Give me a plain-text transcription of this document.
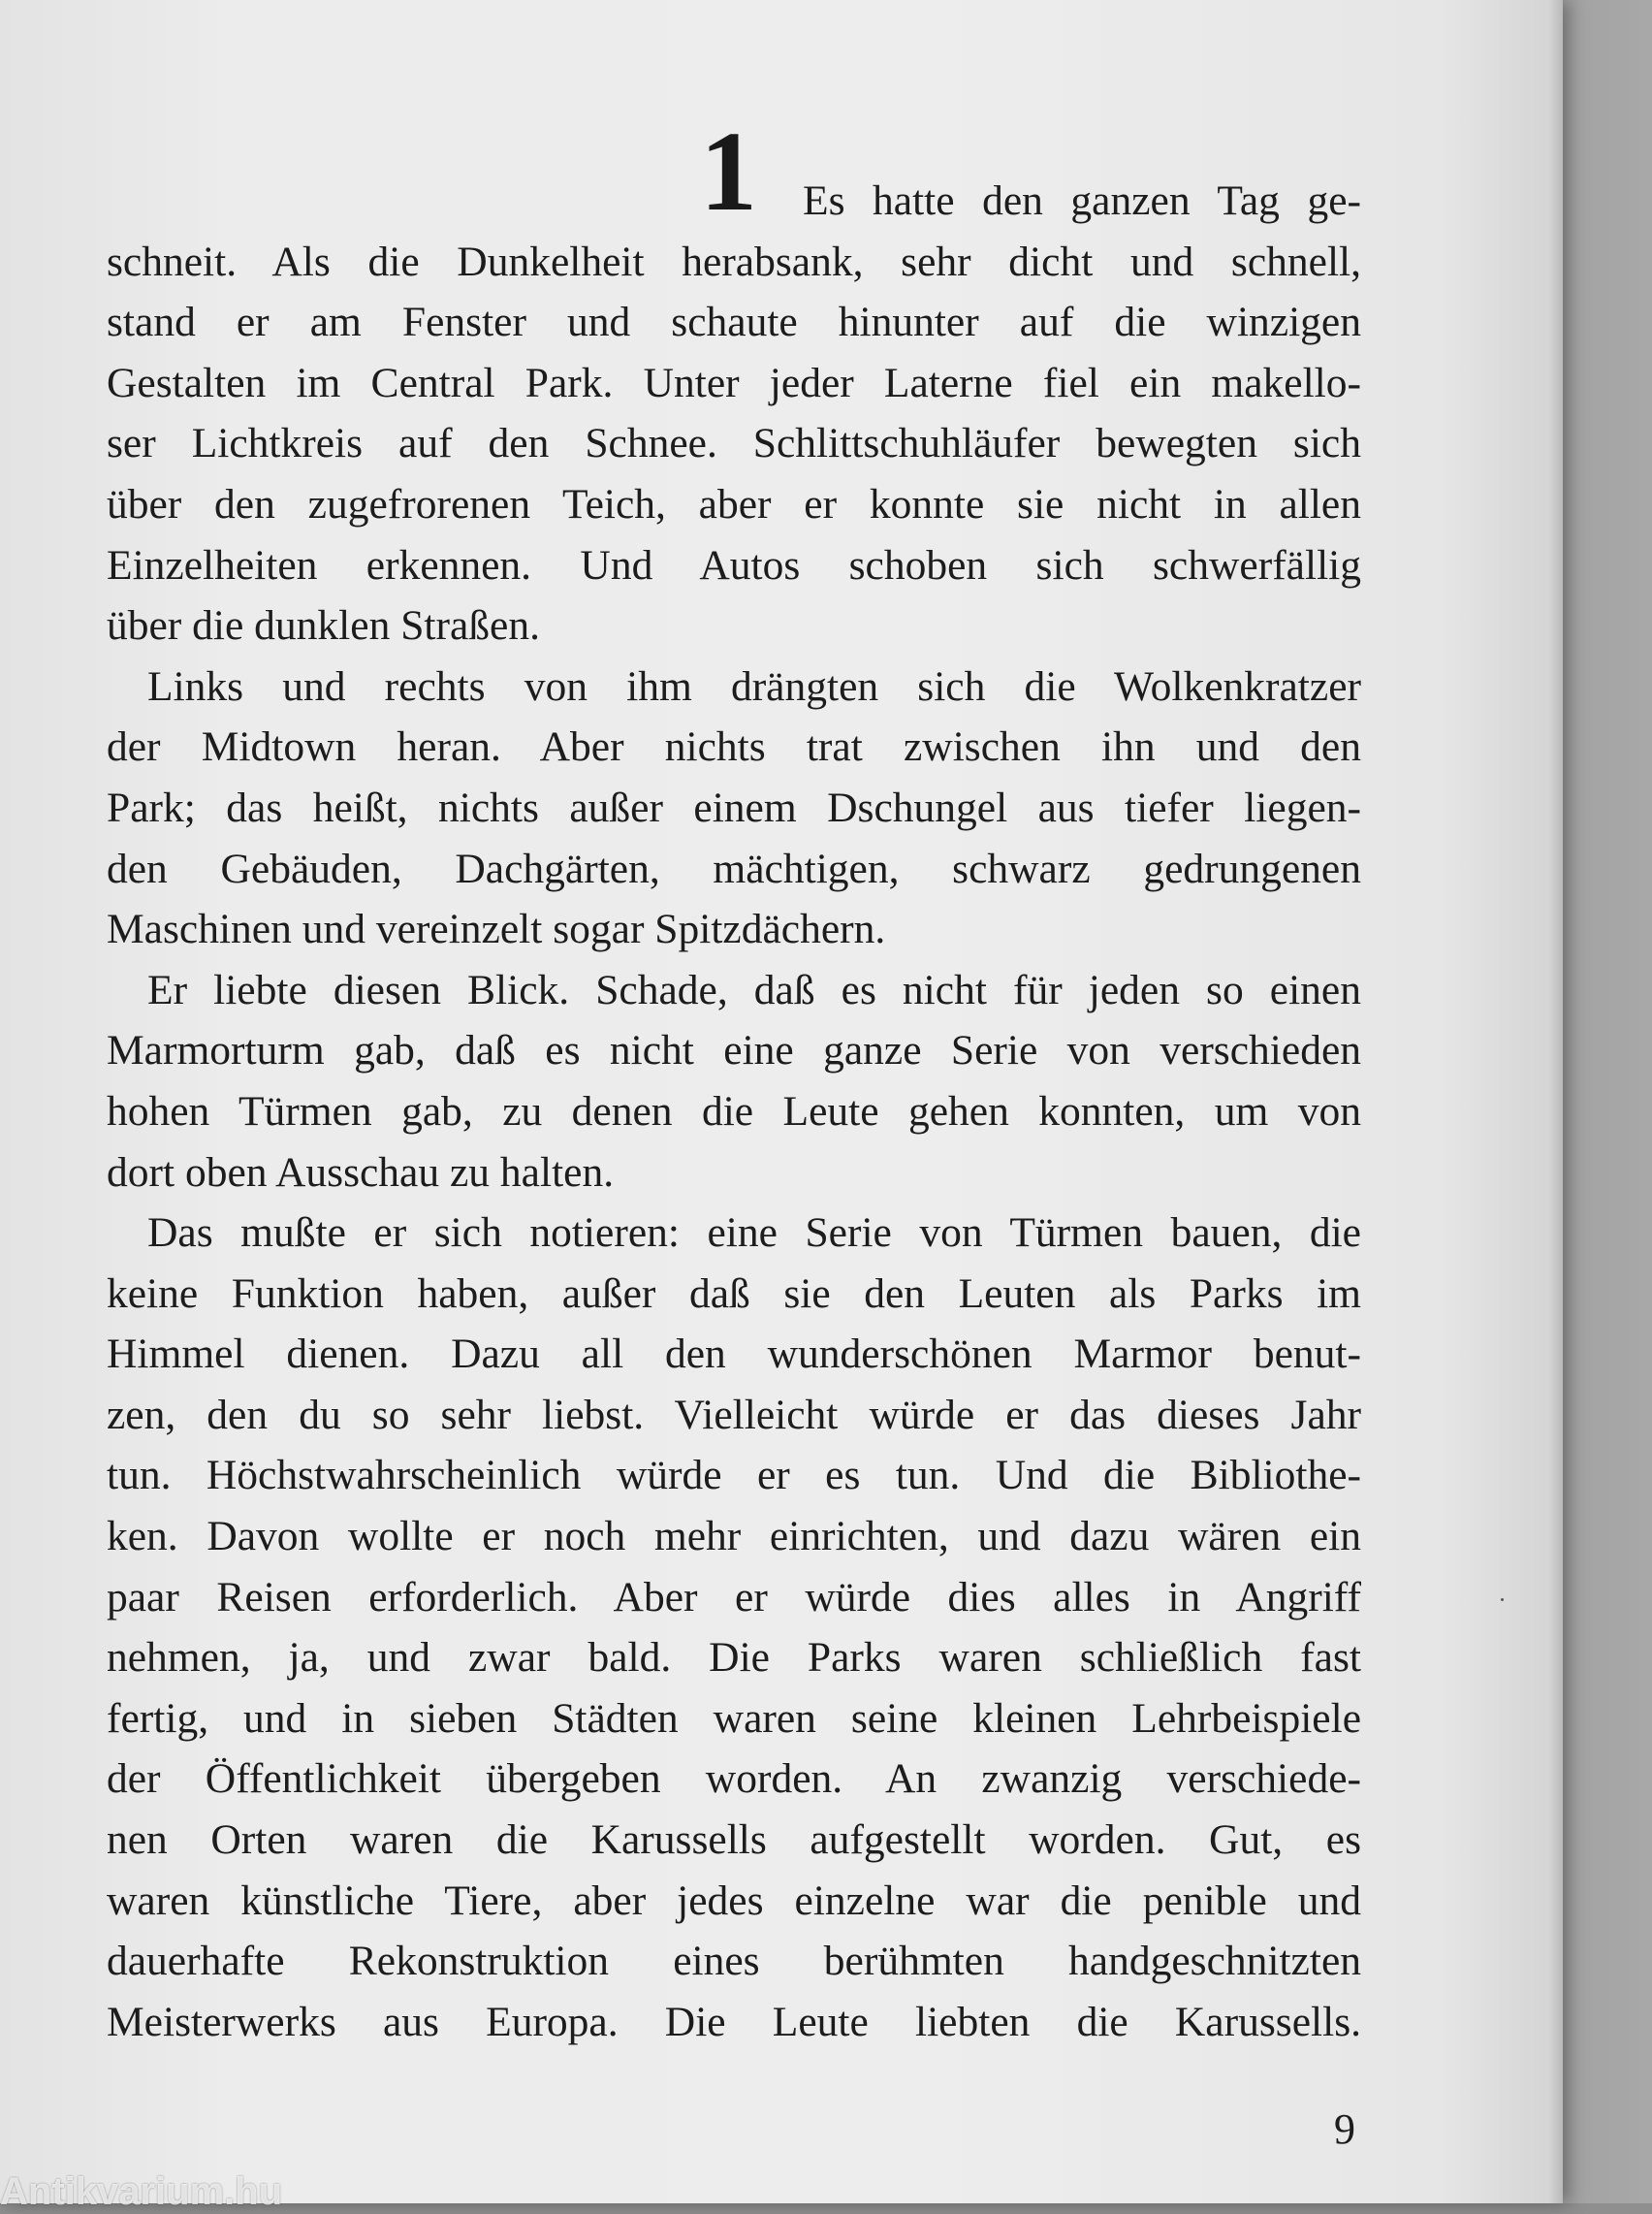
1	Es hatte den ganzen Tag ge-
schneit. Als die Dunkelheit herabsank, sehr dicht und schnell,
stand er am Fenster und schaute hinunter auf die winzigen
Gestalten im Central Park. Unter jeder Laterne fiel ein makello-
ser Lichtkreis auf den Schnee. Schlittschuhläufer bewegten sich
über den zugefrorenen Teich, aber er konnte sie nicht in allen
Einzelheiten erkennen. Und Autos schoben sich schwerfällig
über die dunklen Straßen.
Links und rechts von ihm drängten sich die Wolkenkratzer
der Midtown heran. Aber nichts trat zwischen ihn und den
Park; das heißt, nichts außer einem Dschungel aus tiefer liegen-
den Gebäuden, Dachgärten, mächtigen, schwarz gedrungenen
Maschinen und vereinzelt sogar Spitzdächern.
Er liebte diesen Blick. Schade, daß es nicht für jeden so einen
Marmorturm gab, daß es nicht eine ganze Serie von verschieden
hohen Türmen gab, zu denen die Leute gehen konnten, um von
dort oben Ausschau zu halten.
Das mußte er sich notieren: eine Serie von Türmen bauen, die
keine Funktion haben, außer daß sie den Leuten als Parks im
Himmel dienen. Dazu all den wunderschönen Marmor benut-
zen, den du so sehr liebst. Vielleicht würde er das dieses Jahr
tun. Höchstwahrscheinlich würde er es tun. Und die Bibliothe-
ken. Davon wollte er noch mehr einrichten, und dazu wären ein
paar Reisen erforderlich. Aber er würde dies alles in Angriff
nehmen, ja, und zwar bald. Die Parks waren schließlich fast
fertig, und in sieben Städten waren seine kleinen Lehrbeispiele
der Öffentlichkeit übergeben worden. An zwanzig verschiede-
nen Orten waren die Karussells aufgestellt worden. Gut, es
waren künstliche Tiere, aber jedes einzelne war die penible und
dauerhafte Rekonstruktion eines berühmten handgeschnitzten
Meisterwerks aus Europa. Die Leute liebten die Karussells.
9
Antikvarium.hu
